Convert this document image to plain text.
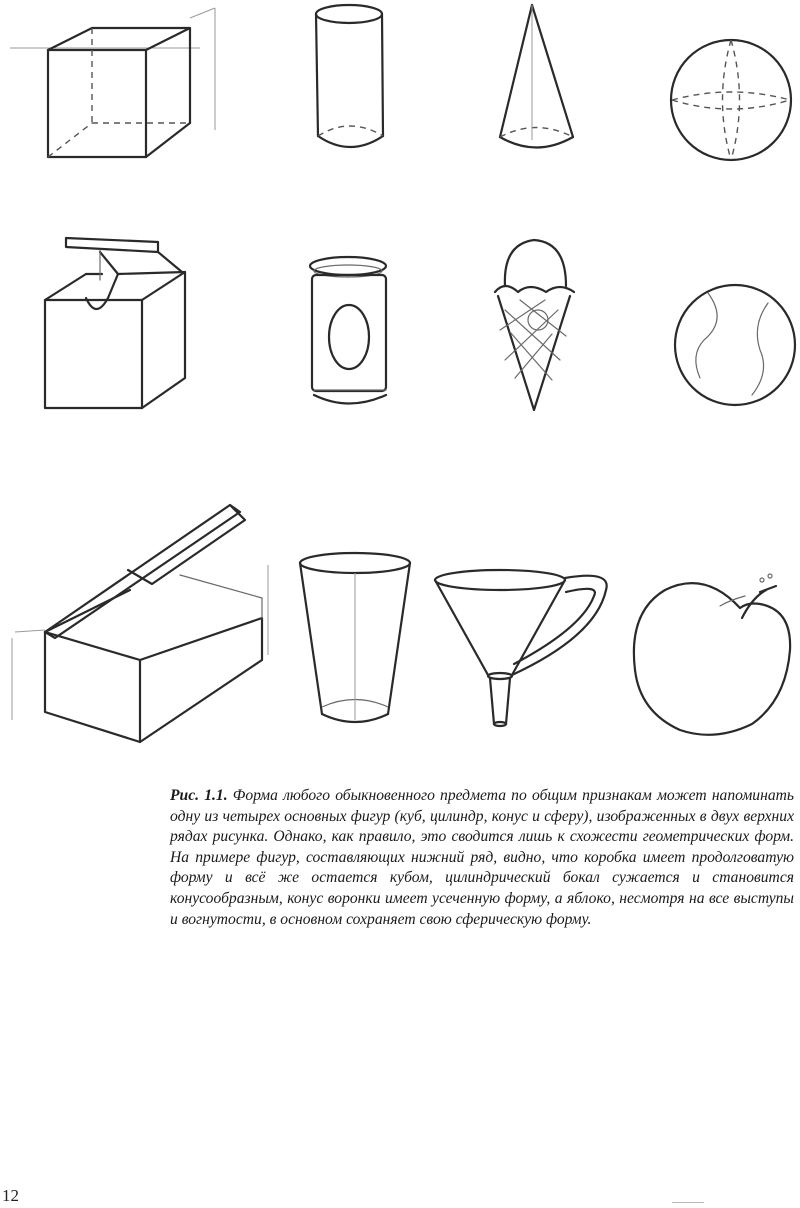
Рис. 1.1. Форма любого обыкновенного предмета по общим признакам может напоминать одну из четырех основных фигур (куб, цилиндр, конус и сферу), изображенных в двух верхних рядах рисунка. Однако, как правило, это сводится лишь к схожести геометрических форм. На примере фигур, составляющих нижний ряд, видно, что коробка имеет продолговатую форму и всё же остается кубом, цилиндрический бокал сужается и становится конусообразным, конус воронки имеет усеченную форму, а яблоко, несмотря на все выступы и вогнутости, в основном сохраняет свою сферическую форму.

12
